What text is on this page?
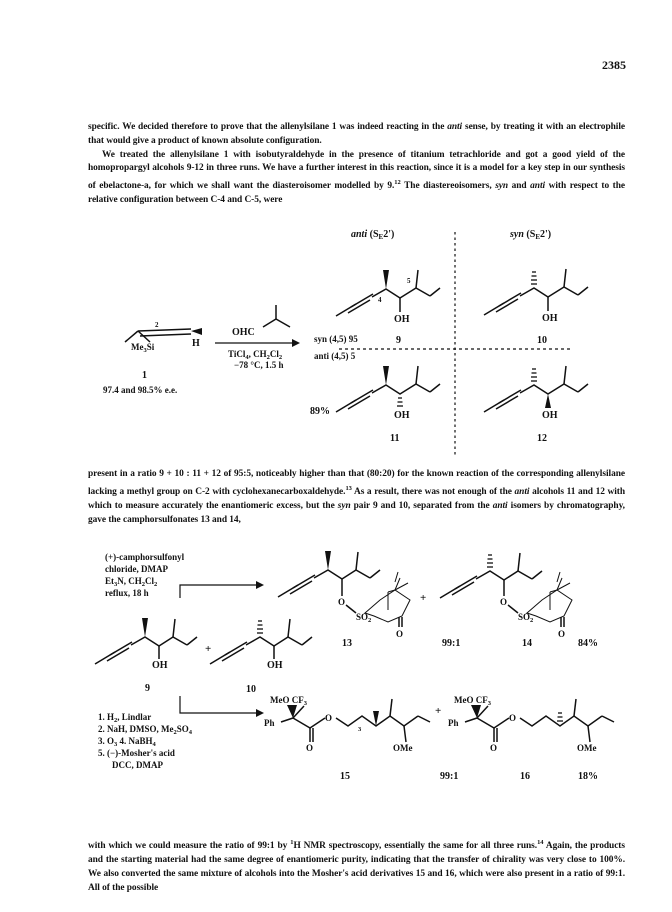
2385

specific. We decided therefore to prove that the allenylsilane 1 was indeed reacting in the anti sense, by treating it with an electrophile that would give a product of known absolute configuration.
We treated the allenylsilane 1 with isobutyraldehyde in the presence of titanium tetrachloride and got a good yield of the homopropargyl alcohols 9-12 in three runs. We have a further interest in this reaction, since it is a model for a key step in our synthesis of ebelactone-a, for which we shall want the diasteroisomer modelled by 9.12 The diastereoisomers, syn and anti with respect to the relative configuration between C-4 and C-5, were

anti $(S_E2')$	syn $(S_E2')$
OH
5
4
9
OH
10
OH
11
89%	OH
12
$Me_3Si$	H
2
1
97.4 and 98.5% e.e.
OHC
TiCl$_4$, $CH_2Cl_2$
−78 °C, 1.5 h
syn (4,5) 95
anti (4,5) 5

present in a ratio 9 + 10 : 11 + 12 of 95:5, noticeably higher than that (80:20) for the known reaction of the corresponding allenylsilane lacking a methyl group on C-2 with cyclohexanecarboxaldehyde.$^{13}$ As a result, there was not enough of the anti alcohols 11 and 12 with which to measure accurately the enantiomeric excess, but the syn pair 9 and 10, separated from the anti isomers by chromatography, gave the camphorsulfonates 13 and 14,

(+)-camphorsulfonyl
chloride, DMAP
$Et_3N$, $CH_2Cl_2$
reflux, 18 h
O
$SO_2$
O
+	O
$SO_2$
O
13	99:1	14	84%
OH
+
OH
9	10
1. $H_2$, Lindlar
2. NaH, DMSO, $Me_2SO_4$
3. $O_3$ 4. NaBH$_4$
5. (−)-Mosher's acid
DCC, DMAP
MeO $CF_3$
Ph	O
O	OMe
3
+
MeO $CF_3$
Ph	O
O	OMe
15	99:1	16	18%

with which we could measure the ratio of 99:1 by $^1$H NMR spectroscopy, essentially the same for all three runs.$^{14}$ Again, the products and the starting material had the same degree of enantiomeric purity, indicating that the transfer of chirality was very close to 100%. We also converted the same mixture of alcohols into the Mosher's acid derivatives 15 and 16, which were also present in a ratio of 99:1. All of the possible
